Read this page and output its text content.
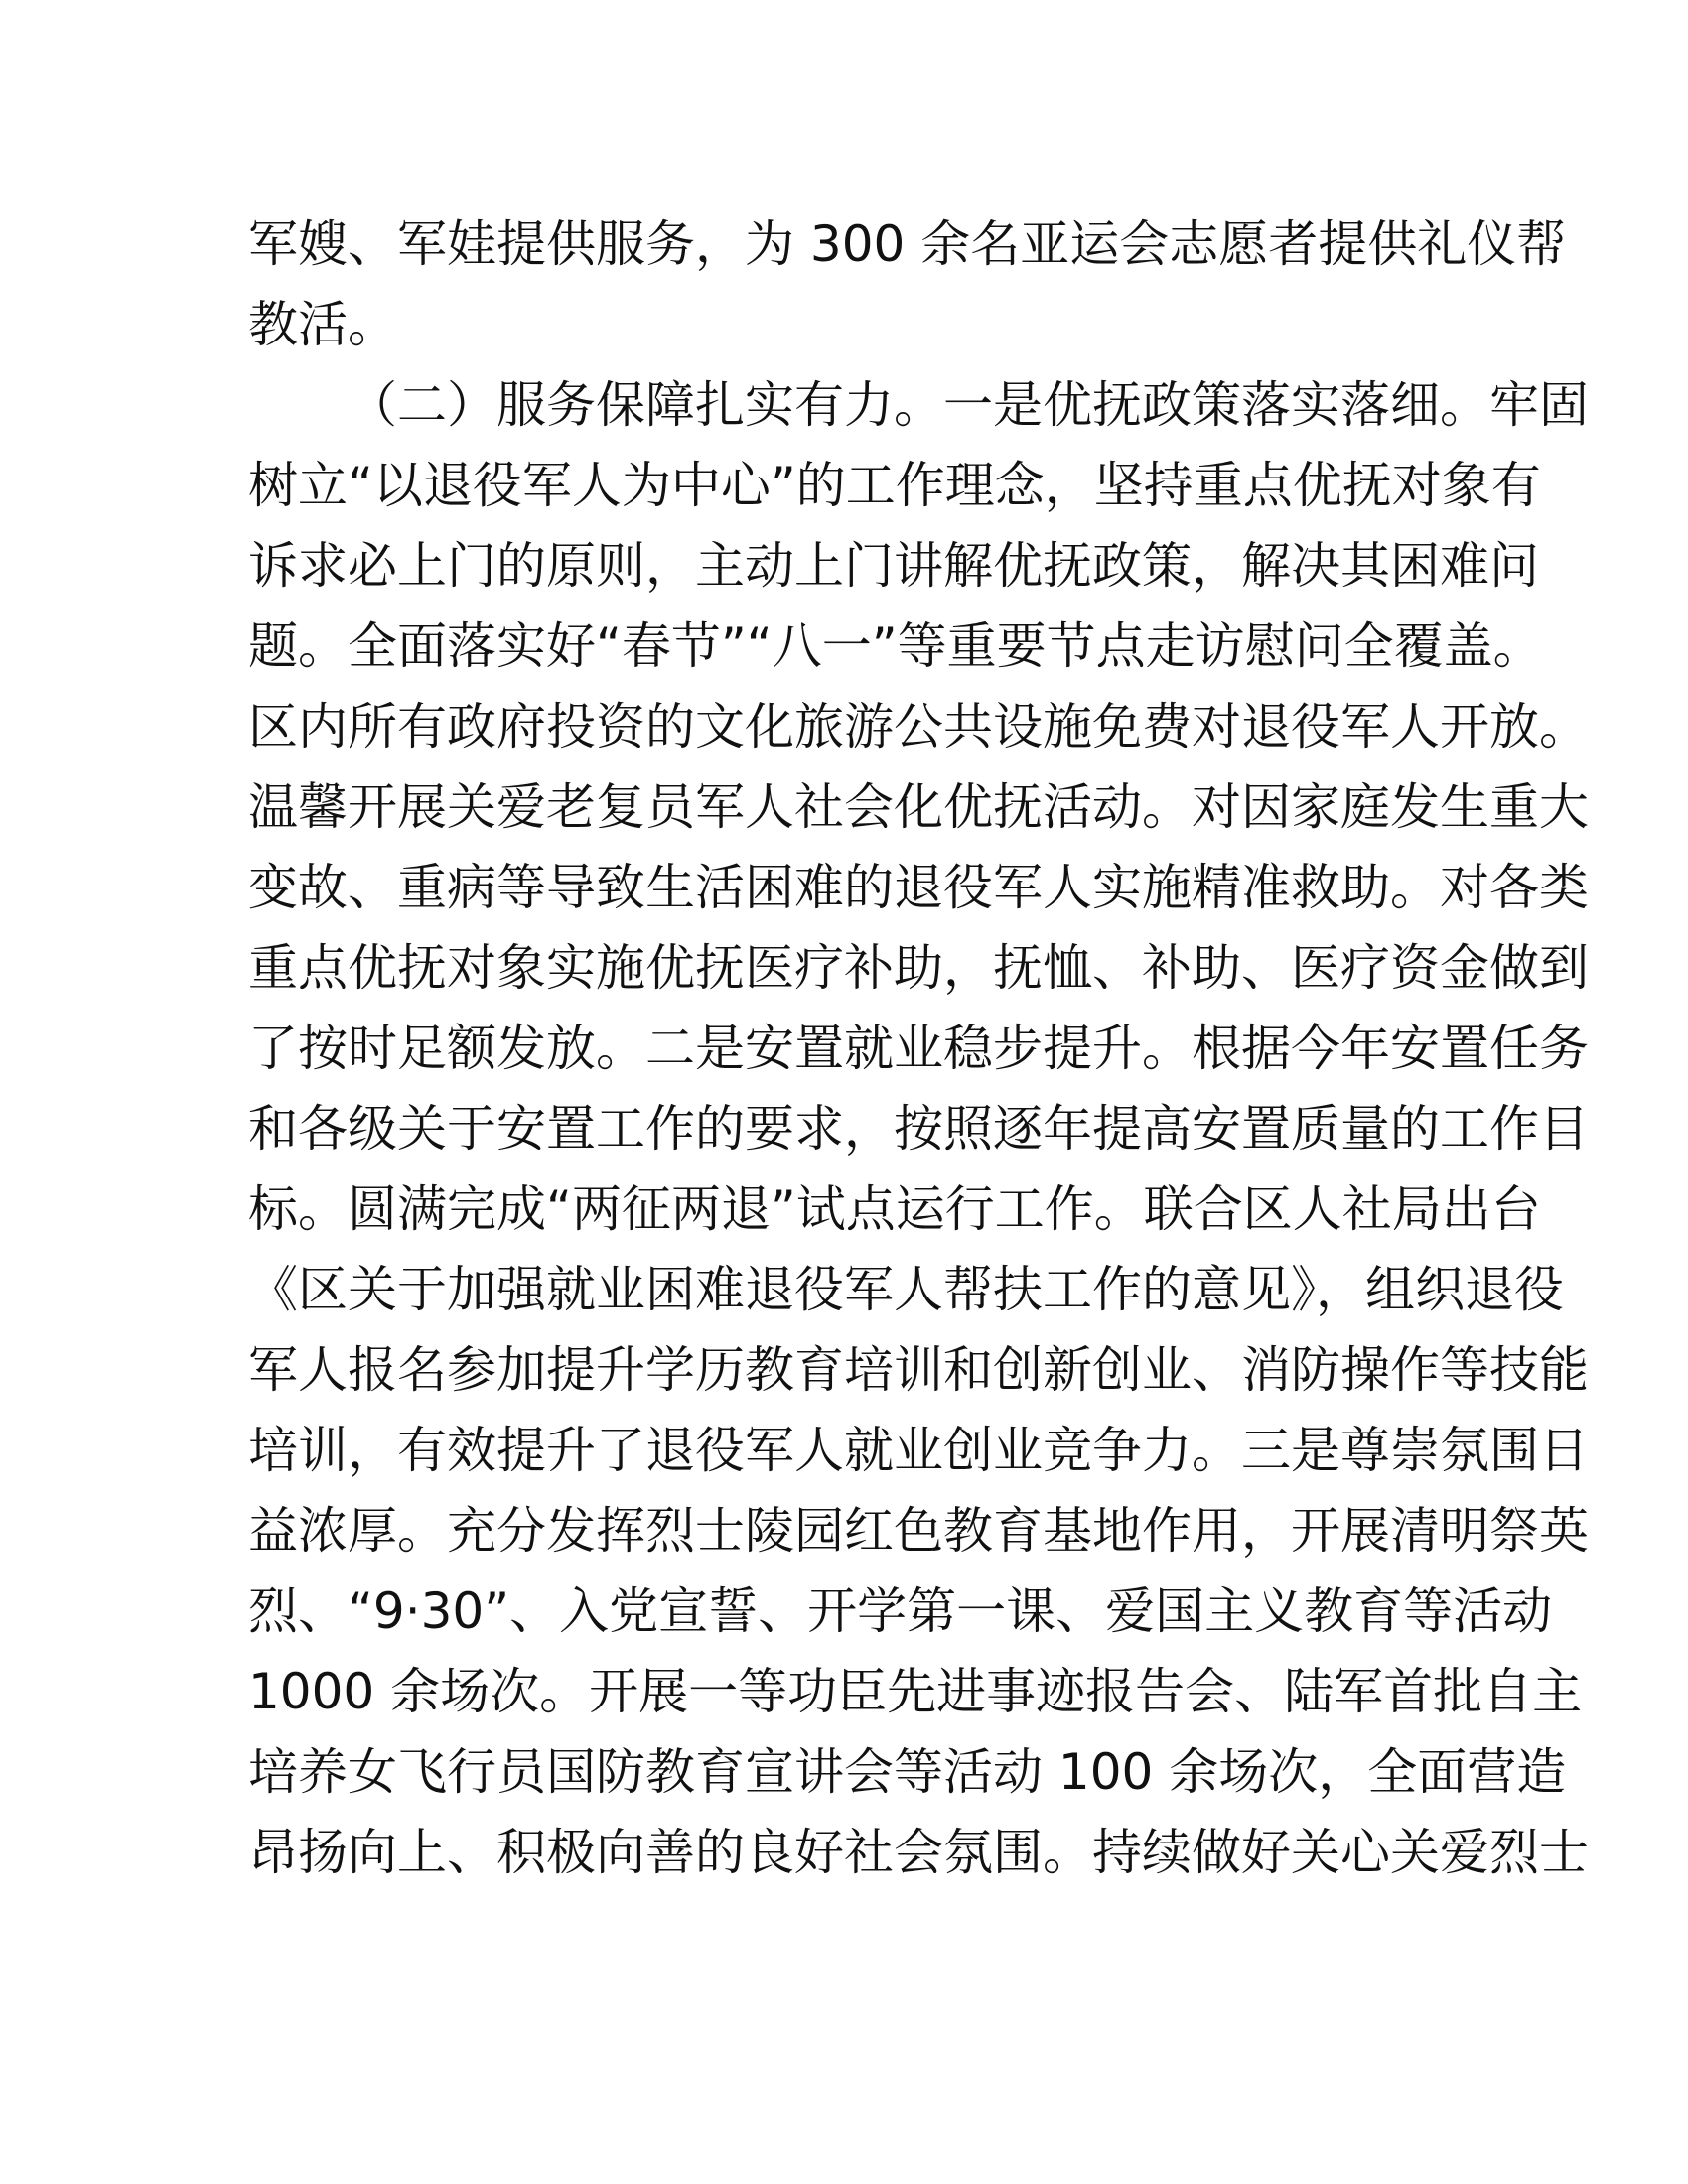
军嫂、军娃提供服务，为 300 余名亚运会志愿者提供礼仪帮
教活。
（二）服务保障扎实有力。一是优抚政策落实落细。牢固
树立“以退役军人为中心”的工作理念，坚持重点优抚对象有
诉求必上门的原则，主动上门讲解优抚政策，解决其困难问
题。全面落实好“春节”“八一”等重要节点走访慰问全覆盖。
区内所有政府投资的文化旅游公共设施免费对退役军人开放。
温馨开展关爱老复员军人社会化优抚活动。对因家庭发生重大
变故、重病等导致生活困难的退役军人实施精准救助。对各类
重点优抚对象实施优抚医疗补助，抚恤、补助、医疗资金做到
了按时足额发放。二是安置就业稳步提升。根据今年安置任务
和各级关于安置工作的要求，按照逐年提高安置质量的工作目
标。圆满完成“两征两退”试点运行工作。联合区人社局出台
《区关于加强就业困难退役军人帮扶工作的意见》，组织退役
军人报名参加提升学历教育培训和创新创业、消防操作等技能
培训，有效提升了退役军人就业创业竞争力。三是尊崇氛围日
益浓厚。充分发挥烈士陵园红色教育基地作用，开展清明祭英
烈、“9·30”、入党宣誓、开学第一课、爱国主义教育等活动
1000 余场次。开展一等功臣先进事迹报告会、陆军首批自主
培养女飞行员国防教育宣讲会等活动 100 余场次，全面营造
昂扬向上、积极向善的良好社会氛围。持续做好关心关爱烈士
